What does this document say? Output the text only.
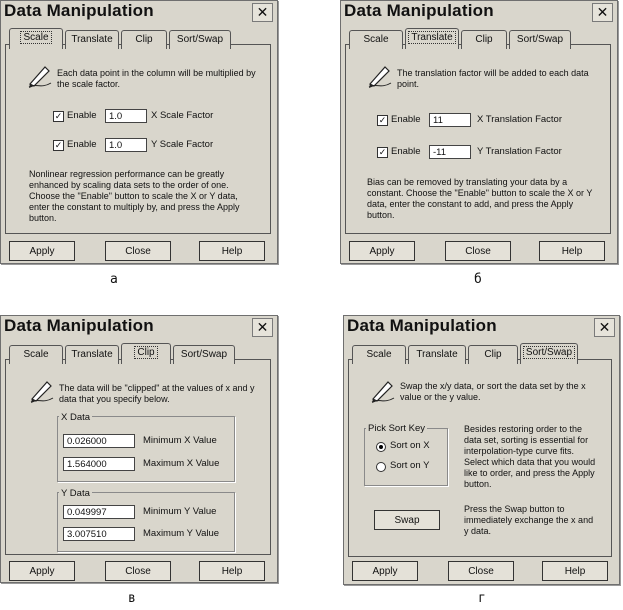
Data Manipulation	✕
Scale	Translate	Clip	Sort/Swap
Each data point in the column will be multiplied by the scale factor.
✓ Enable	1.0	X Scale Factor
✓ Enable	1.0	Y Scale Factor
Nonlinear regression performance can be greatly enhanced by scaling data sets to the order of one. Choose the "Enable" button to scale the X or Y data, enter the constant to multiply by, and press the Apply button.
Apply	Close	Help
а
Data Manipulation	✕
Scale	Translate	Clip	Sort/Swap
The translation factor will be added to each data point.
✓ Enable	11	X Translation Factor
✓ Enable	-11	Y Translation Factor
Bias can be removed by translating your data by a constant. Choose the "Enable" button to scale the X or Y data, enter the constant to add, and press the Apply button.
Apply	Close	Help
б
Data Manipulation	✕
Scale	Translate	Clip	Sort/Swap
The data will be "clipped" at the values of x and y data that you specify below.
X Data
0.026000	Minimum X Value
1.564000	Maximum X Value
Y Data
0.049997	Minimum Y Value
3.007510	Maximum Y Value
Apply	Close	Help
в
Data Manipulation	✕
Scale	Translate	Clip	Sort/Swap
Swap the x/y data, or sort the data set by the x value or the y value.
Pick Sort Key
Sort on X
Sort on Y
Besides restoring order to the data set, sorting is essential for interpolation-type curve fits. Select which data that you would like to order, and press the Apply button.
Swap
Press the Swap button to immediately exchange the x and y data.
Apply	Close	Help
г
